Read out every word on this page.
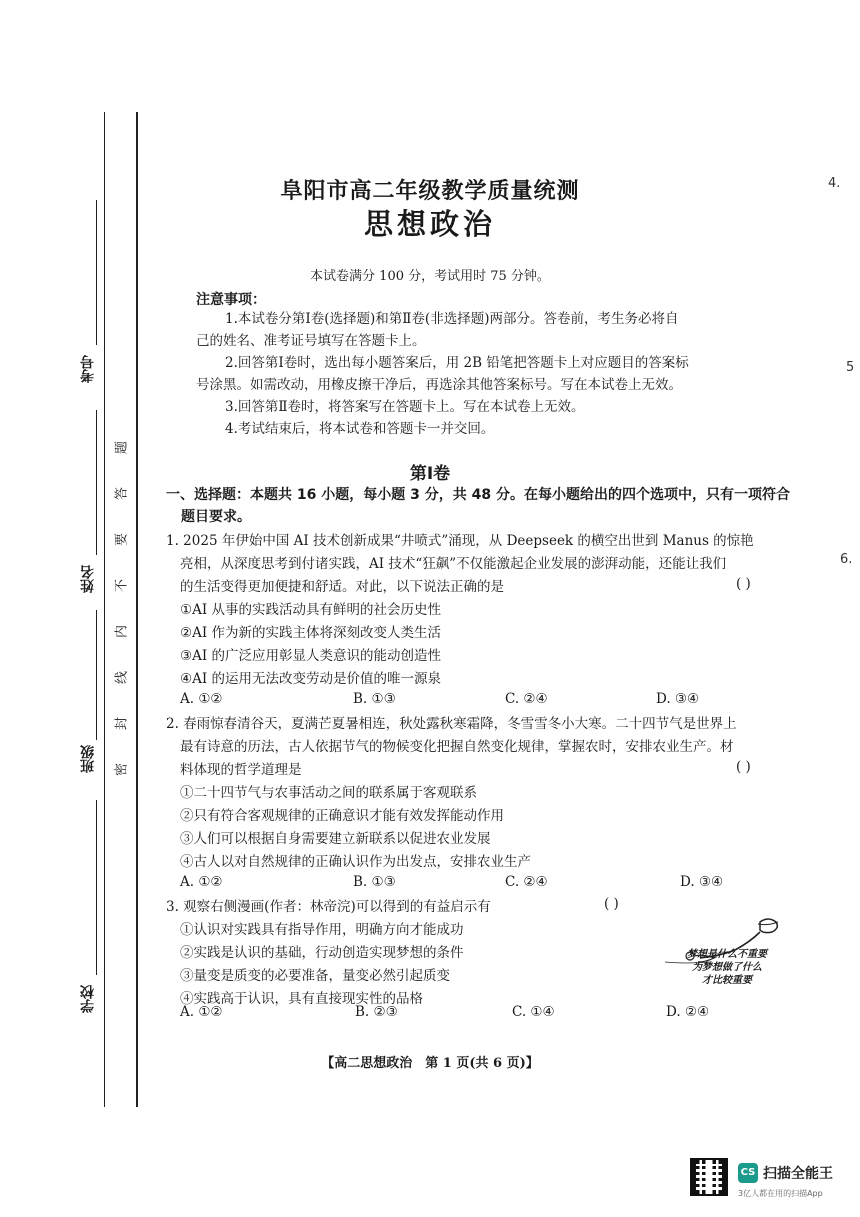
考号
姓名
班级
学校
题
答
要
不
内
线
封
密
阜阳市高二年级教学质量统测
思想政治
本试卷满分 100 分，考试用时 75 分钟。
注意事项：
1.本试卷分第Ⅰ卷(选择题)和第Ⅱ卷(非选择题)两部分。答卷前，考生务必将自
己的姓名、准考证号填写在答题卡上。
2.回答第Ⅰ卷时，选出每小题答案后，用 2B 铅笔把答题卡上对应题目的答案标
号涂黑。如需改动，用橡皮擦干净后，再选涂其他答案标号。写在本试卷上无效。
3.回答第Ⅱ卷时，将答案写在答题卡上。写在本试卷上无效。
4.考试结束后，将本试卷和答题卡一并交回。
第Ⅰ卷
一、选择题：本题共 16 小题，每小题 3 分，共 48 分。在每小题给出的四个选项中，只有一项符合
题目要求。
1. 2025 年伊始中国 AI 技术创新成果“井喷式”涌现，从 Deepseek 的横空出世到 Manus 的惊艳
亮相，从深度思考到付诸实践，AI 技术“狂飙”不仅能激起企业发展的澎湃动能，还能让我们
的生活变得更加便捷和舒适。对此，以下说法正确的是
①AI 从事的实践活动具有鲜明的社会历史性
②AI 作为新的实践主体将深刻改变人类生活
③AI 的广泛应用彰显人类意识的能动创造性
④AI 的运用无法改变劳动是价值的唯一源泉
( )
A. ①②	B. ①③	C. ②④	D. ③④
2. 春雨惊春清谷天，夏满芒夏暑相连，秋处露秋寒霜降，冬雪雪冬小大寒。二十四节气是世界上
最有诗意的历法，古人依据节气的物候变化把握自然变化规律，掌握农时，安排农业生产。材
料体现的哲学道理是
①二十四节气与农事活动之间的联系属于客观联系
②只有符合客观规律的正确意识才能有效发挥能动作用
③人们可以根据自身需要建立新联系以促进农业发展
④古人以对自然规律的正确认识作为出发点，安排农业生产
( )
A. ①②	B. ①③	C. ②④	D. ③④
3. 观察右侧漫画(作者：林帝浣)可以得到的有益启示有
①认识对实践具有指导作用，明确方向才能成功
②实践是认识的基础，行动创造实现梦想的条件
③量变是质变的必要准备，量变必然引起质变
④实践高于认识，具有直接现实性的品格
( )
A. ①②	B. ②③	C. ①④	D. ②④
梦想是什么不重要
为梦想做了什么
才比较重要
【高二思想政治　第 1 页(共 6 页)】
4.
5
6.
CS 扫描全能王
3亿人都在用的扫描App
